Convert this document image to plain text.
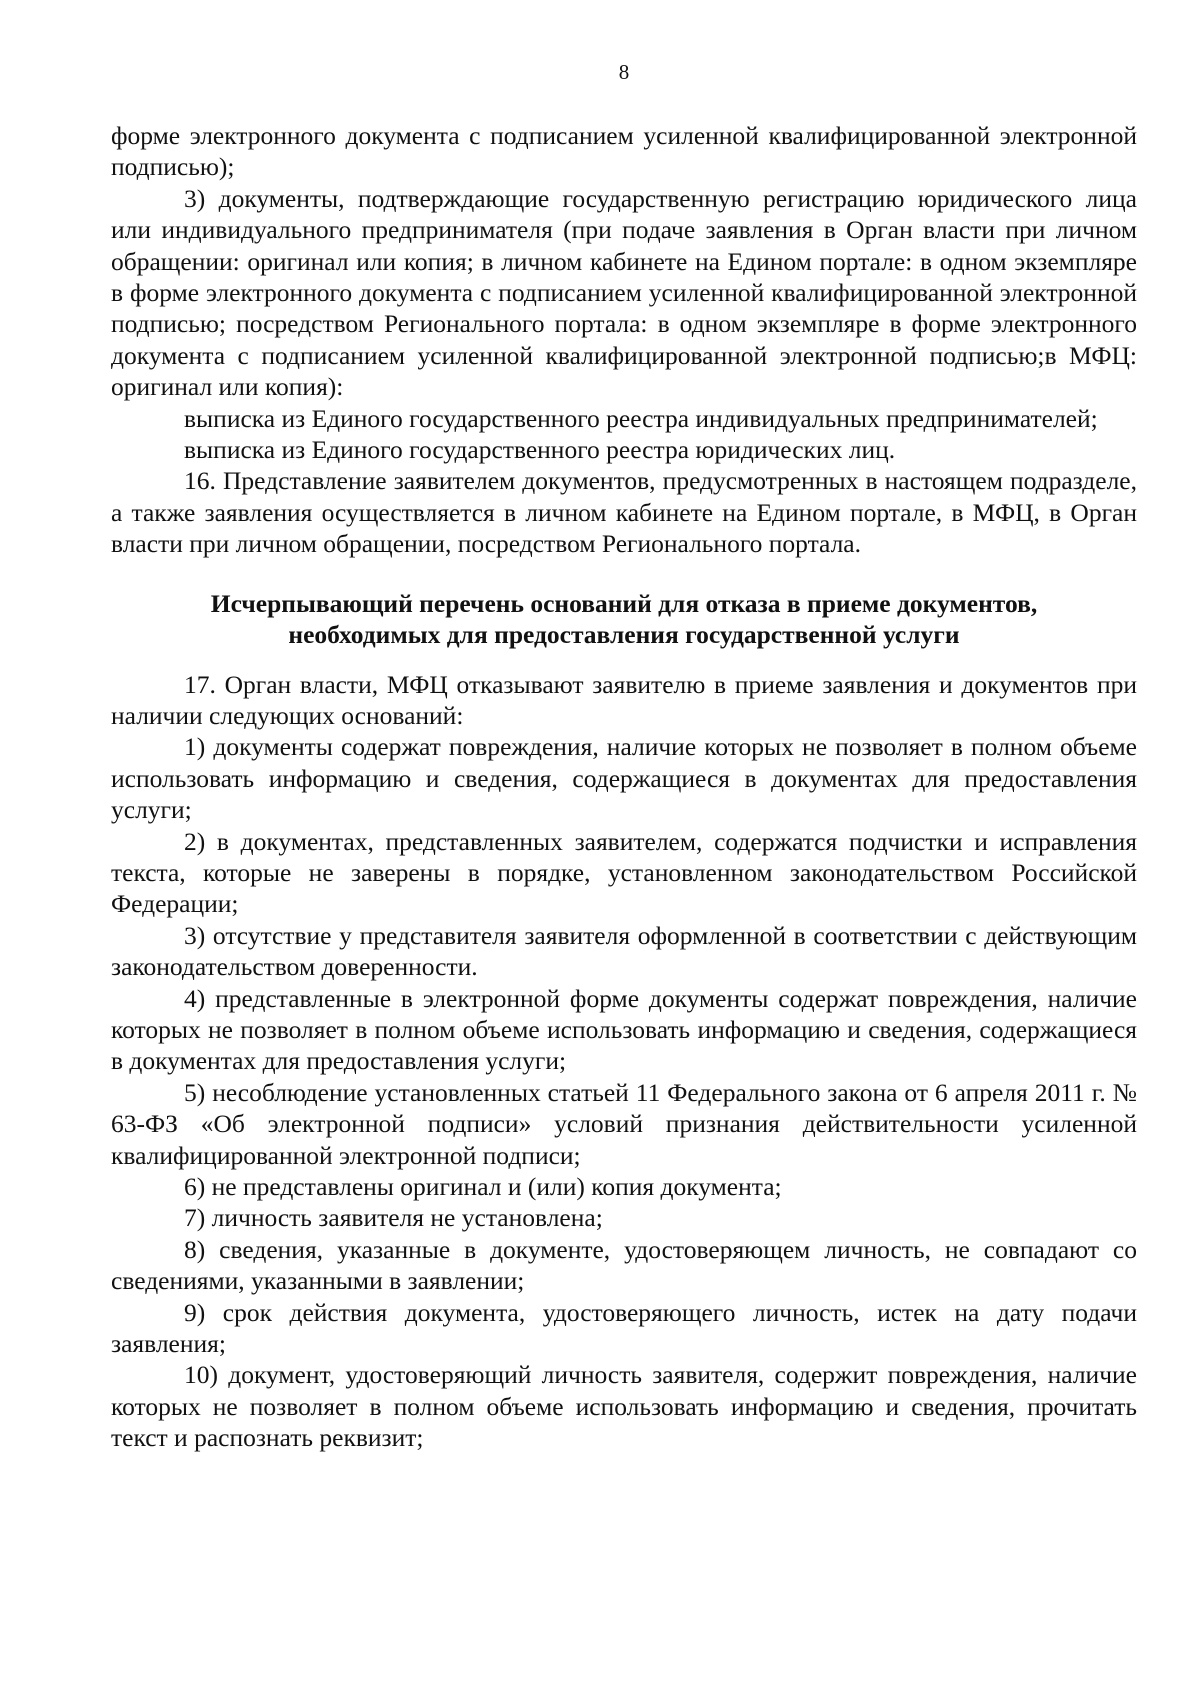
8

форме электронного документа с подписанием усиленной квалифицированной электронной подписью);

3) документы, подтверждающие государственную регистрацию юридического лица или индивидуального предпринимателя (при подаче заявления в Орган власти при личном обращении: оригинал или копия; в личном кабинете на Едином портале: в одном экземпляре в форме электронного документа с подписанием усиленной квалифицированной электронной подписью; посредством Регионального портала: в одном экземпляре в форме электронного документа с подписанием усиленной квалифицированной электронной подписью;в МФЦ: оригинал или копия):

выписка из Единого государственного реестра индивидуальных предпринимателей;

выписка из Единого государственного реестра юридических лиц.

16. Представление заявителем документов, предусмотренных в настоящем подразделе, а также заявления осуществляется в личном кабинете на Едином портале, в МФЦ, в Орган власти при личном обращении, посредством Регионального портала.

Исчерпывающий перечень оснований для отказа в приеме документов,
необходимых для предоставления государственной услуги

17. Орган власти, МФЦ отказывают заявителю в приеме заявления и документов при наличии следующих оснований:

1) документы содержат повреждения, наличие которых не позволяет в полном объеме использовать информацию и сведения, содержащиеся в документах для предоставления услуги;

2) в документах, представленных заявителем, содержатся подчистки и исправления текста, которые не заверены в порядке, установленном законодательством Российской Федерации;

3) отсутствие у представителя заявителя оформленной в соответствии с действующим законодательством доверенности.

4) представленные в электронной форме документы содержат повреждения, наличие которых не позволяет в полном объеме использовать информацию и сведения, содержащиеся в документах для предоставления услуги;

5) несоблюдение установленных статьей 11 Федерального закона от 6 апреля 2011 г. № 63-ФЗ «Об электронной подписи» условий признания действительности усиленной квалифицированной электронной подписи;

6) не представлены оригинал и (или) копия документа;

7) личность заявителя не установлена;

8) сведения, указанные в документе, удостоверяющем личность, не совпадают со сведениями, указанными в заявлении;

9) срок действия документа, удостоверяющего личность, истек на дату подачи заявления;

10) документ, удостоверяющий личность заявителя, содержит повреждения, наличие которых не позволяет в полном объеме использовать информацию и сведения, прочитать текст и распознать реквизит;
